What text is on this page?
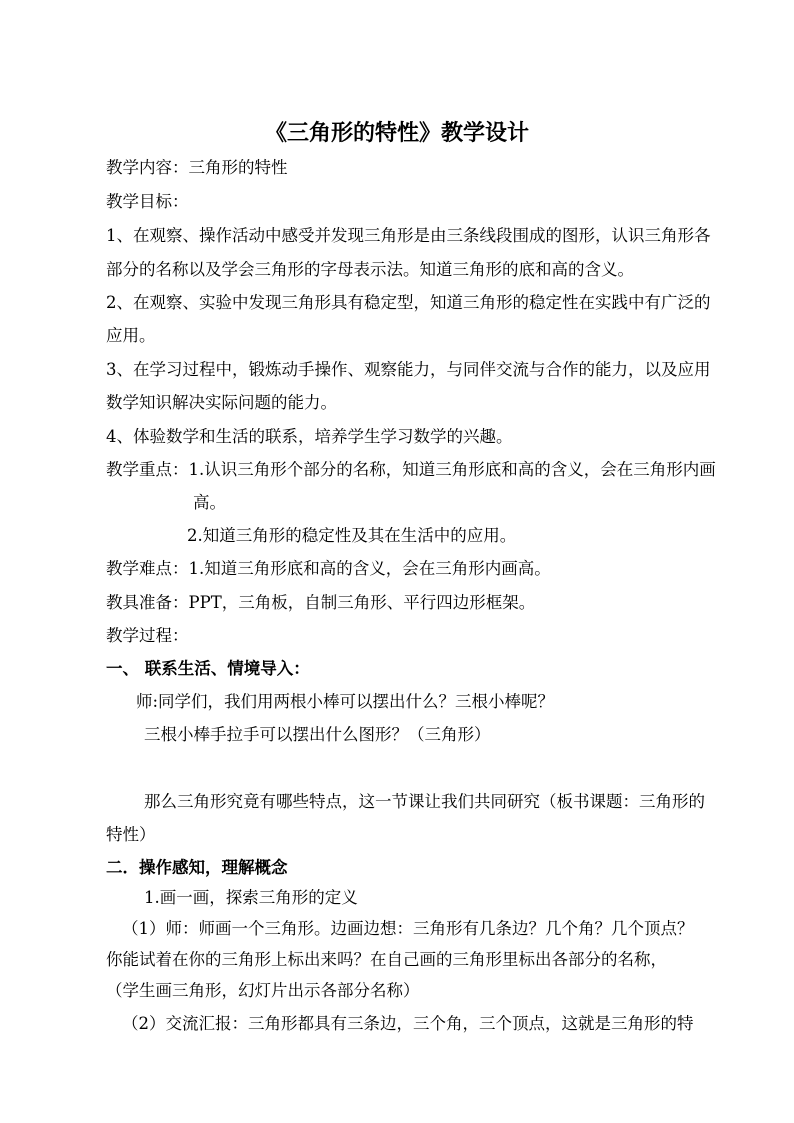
《三角形的特性》教学设计
教学内容：三角形的特性
教学目标：
1、在观察、操作活动中感受并发现三角形是由三条线段围成的图形，认识三角形各
部分的名称以及学会三角形的字母表示法。知道三角形的底和高的含义。
2、在观察、实验中发现三角形具有稳定型，知道三角形的稳定性在实践中有广泛的
应用。
3、在学习过程中，锻炼动手操作、观察能力，与同伴交流与合作的能力，以及应用
数学知识解决实际问题的能力。
4、体验数学和生活的联系，培养学生学习数学的兴趣。
教学重点：1.认识三角形个部分的名称，知道三角形底和高的含义，会在三角形内画
高。
2.知道三角形的稳定性及其在生活中的应用。
教学难点：1.知道三角形底和高的含义，会在三角形内画高。
教具准备：PPT，三角板，自制三角形、平行四边形框架。
教学过程：
一、 联系生活、情境导入：
师:同学们，我们用两根小棒可以摆出什么？三根小棒呢？
三根小棒手拉手可以摆出什么图形？（三角形）
那么三角形究竟有哪些特点，这一节课让我们共同研究（板书课题：三角形的
特性）
二．操作感知，理解概念
1.画一画，探索三角形的定义
（1）师：师画一个三角形。边画边想：三角形有几条边？几个角？几个顶点？
你能试着在你的三角形上标出来吗？在自己画的三角形里标出各部分的名称，
（学生画三角形，幻灯片出示各部分名称）
（2）交流汇报：三角形都具有三条边，三个角，三个顶点，这就是三角形的特
